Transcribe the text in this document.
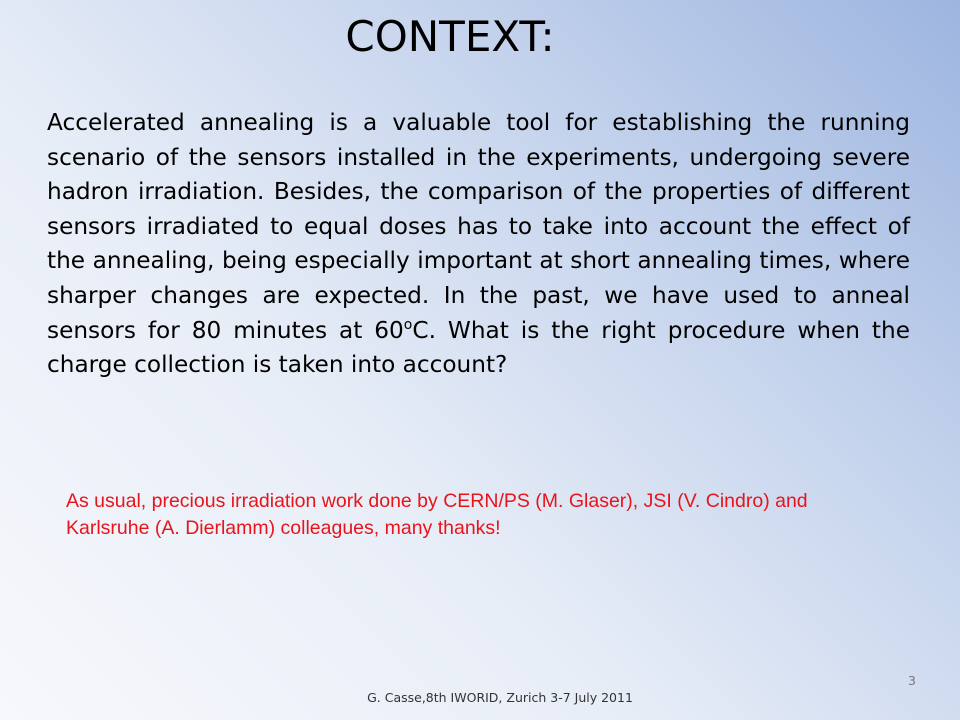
CONTEXT:

Accelerated annealing is a valuable tool for establishing the running scenario of the sensors installed in the experiments, undergoing severe hadron irradiation. Besides, the comparison of the properties of different sensors irradiated to equal doses has to take into account the effect of the annealing, being especially important at short annealing times, where sharper changes are expected. In the past, we have used to anneal sensors for 80 minutes at 60$^o$C. What is the right procedure when the charge collection is taken into account?

As usual, precious irradiation work done by CERN/PS (M. Glaser), JSI (V. Cindro) and Karlsruhe (A. Dierlamm) colleagues, many thanks!
3
G. Casse,8th IWORID, Zurich 3-7 July 2011
